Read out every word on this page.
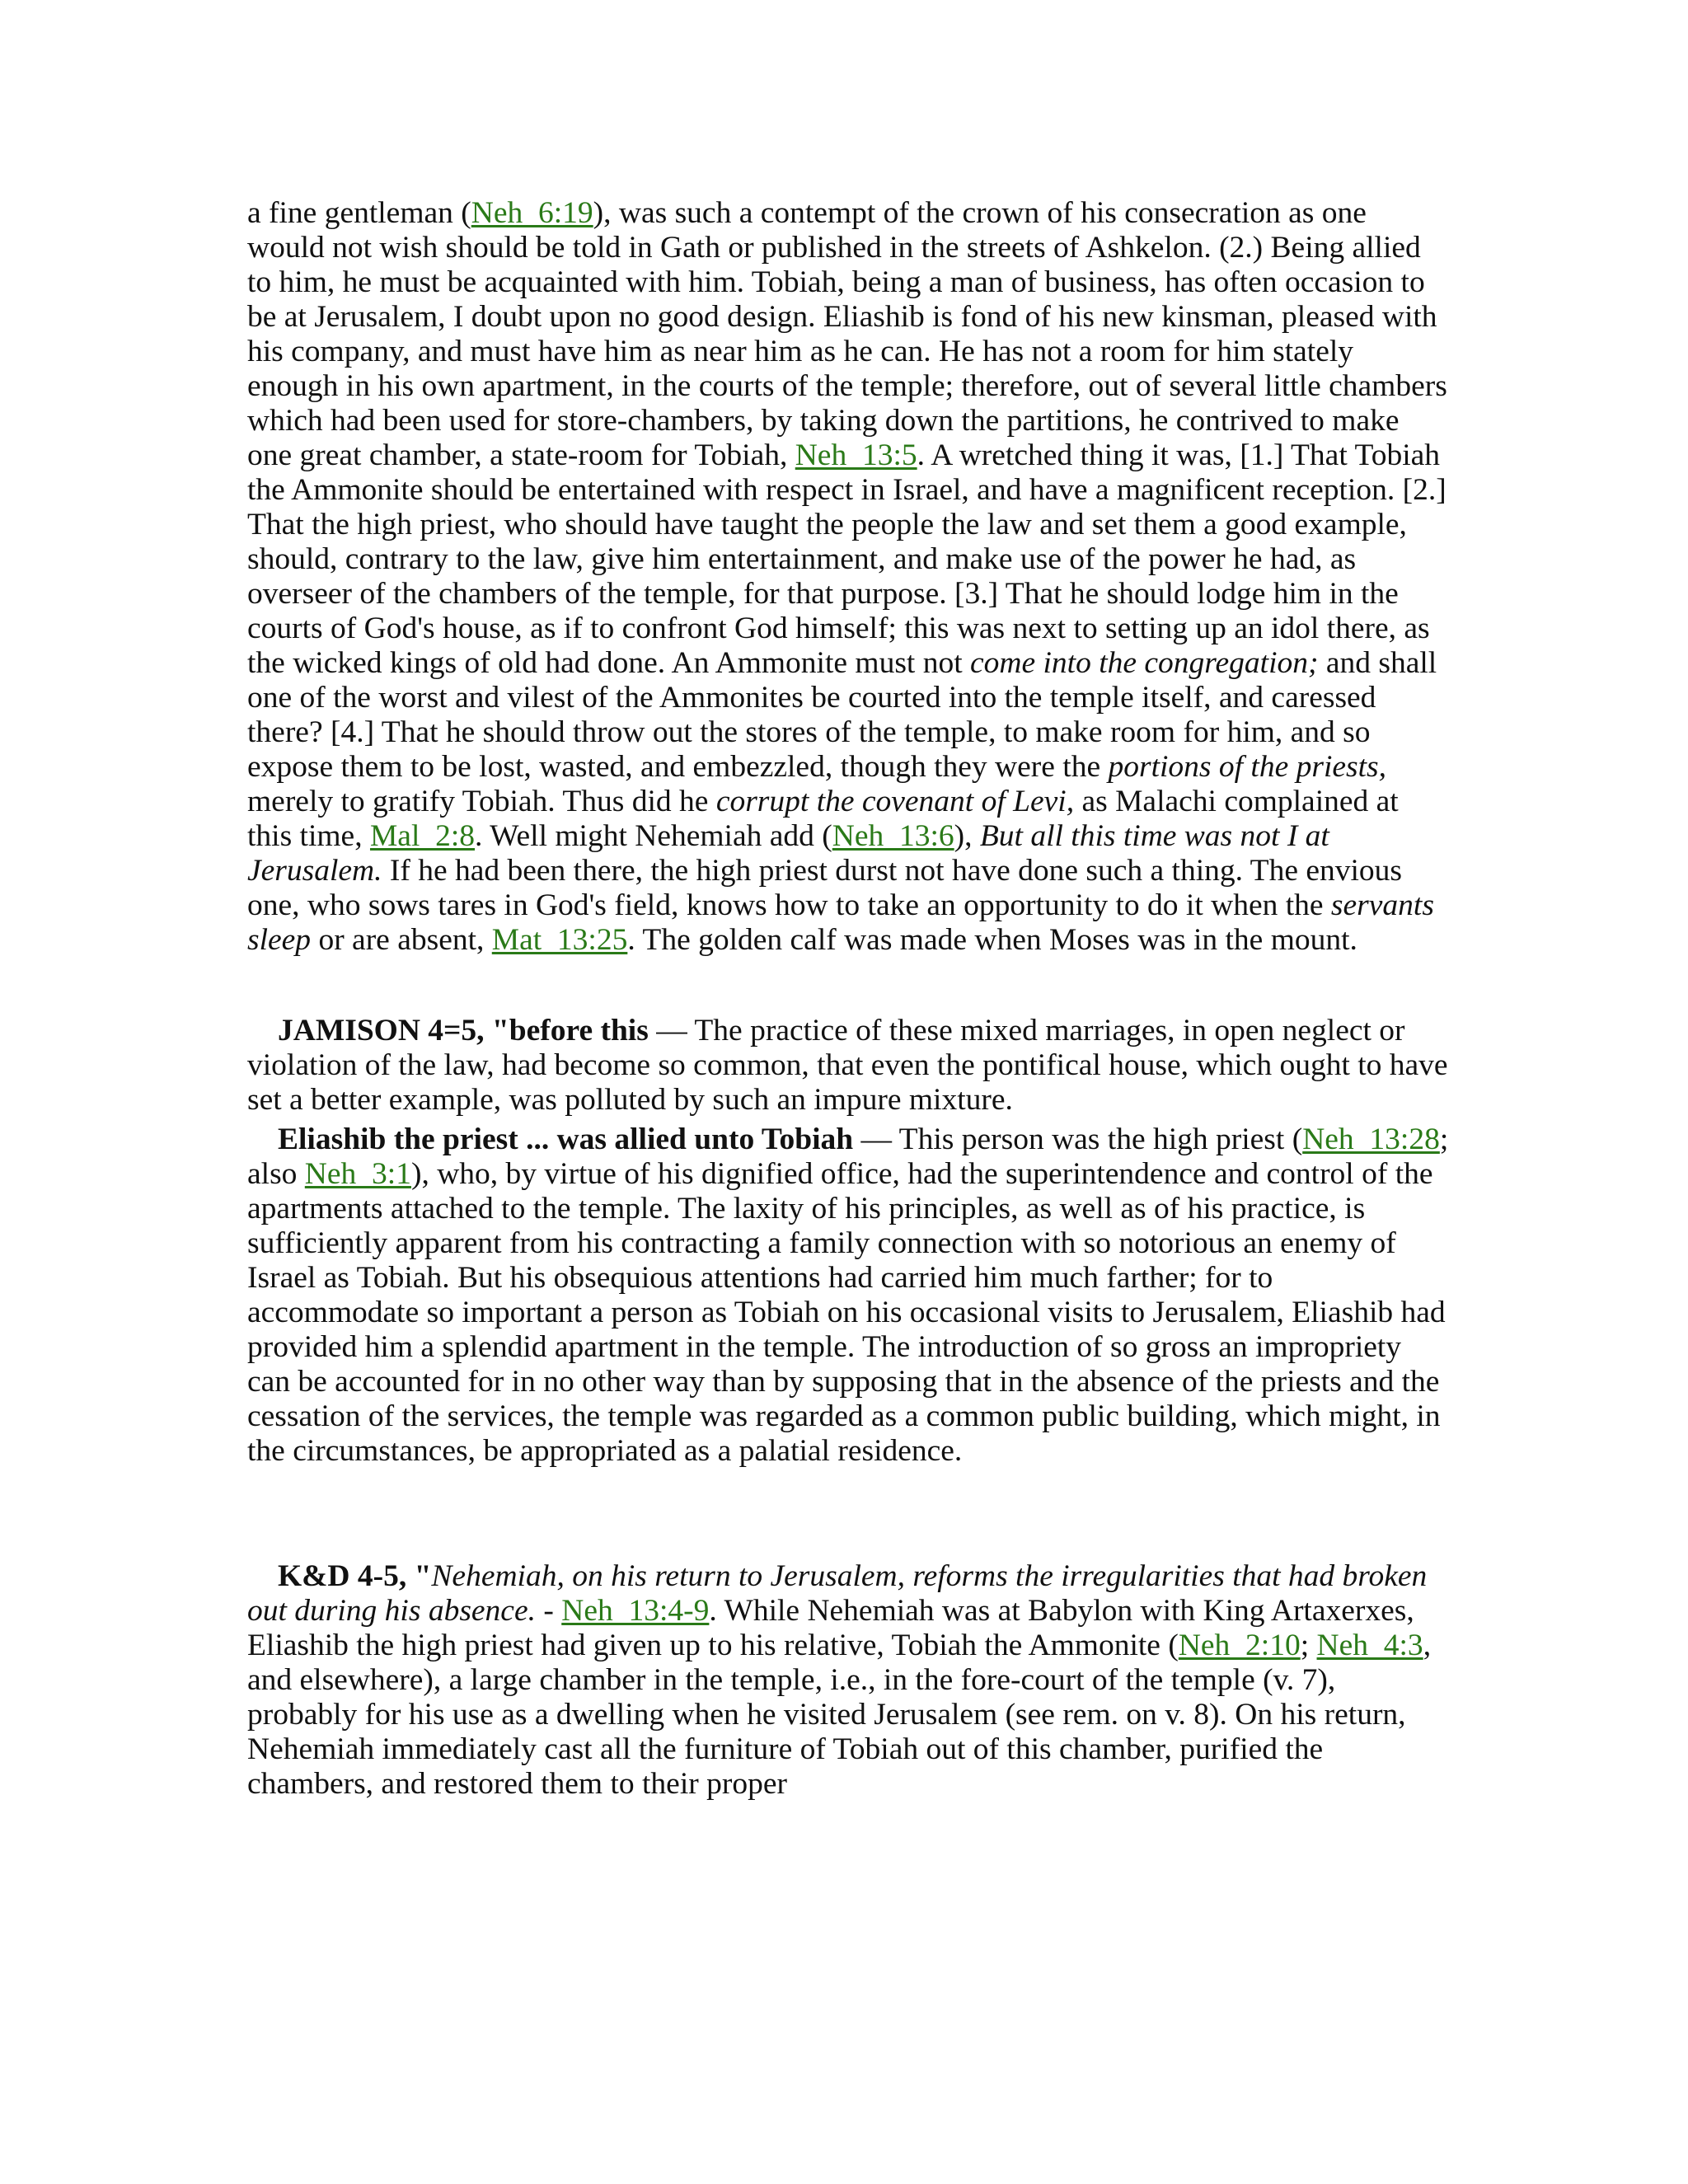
a fine gentleman (Neh_6:19), was such a contempt of the crown of his consecration as one would not wish should be told in Gath or published in the streets of Ashkelon. (2.) Being allied to him, he must be acquainted with him. Tobiah, being a man of business, has often occasion to be at Jerusalem, I doubt upon no good design. Eliashib is fond of his new kinsman, pleased with his company, and must have him as near him as he can. He has not a room for him stately enough in his own apartment, in the courts of the temple; therefore, out of several little chambers which had been used for store-chambers, by taking down the partitions, he contrived to make one great chamber, a state-room for Tobiah, Neh_13:5. A wretched thing it was, [1.] That Tobiah the Ammonite should be entertained with respect in Israel, and have a magnificent reception. [2.] That the high priest, who should have taught the people the law and set them a good example, should, contrary to the law, give him entertainment, and make use of the power he had, as overseer of the chambers of the temple, for that purpose. [3.] That he should lodge him in the courts of God's house, as if to confront God himself; this was next to setting up an idol there, as the wicked kings of old had done. An Ammonite must not come into the congregation; and shall one of the worst and vilest of the Ammonites be courted into the temple itself, and caressed there? [4.] That he should throw out the stores of the temple, to make room for him, and so expose them to be lost, wasted, and embezzled, though they were the portions of the priests, merely to gratify Tobiah. Thus did he corrupt the covenant of Levi, as Malachi complained at this time, Mal_2:8. Well might Nehemiah add (Neh_13:6), But all this time was not I at Jerusalem. If he had been there, the high priest durst not have done such a thing. The envious one, who sows tares in God's field, knows how to take an opportunity to do it when the servants sleep or are absent, Mat_13:25. The golden calf was made when Moses was in the mount.

JAMISON 4=5, "before this — The practice of these mixed marriages, in open neglect or violation of the law, had become so common, that even the pontifical house, which ought to have set a better example, was polluted by such an impure mixture.

Eliashib the priest ... was allied unto Tobiah — This person was the high priest (Neh_13:28; also Neh_3:1), who, by virtue of his dignified office, had the superintendence and control of the apartments attached to the temple. The laxity of his principles, as well as of his practice, is sufficiently apparent from his contracting a family connection with so notorious an enemy of Israel as Tobiah. But his obsequious attentions had carried him much farther; for to accommodate so important a person as Tobiah on his occasional visits to Jerusalem, Eliashib had provided him a splendid apartment in the temple. The introduction of so gross an impropriety can be accounted for in no other way than by supposing that in the absence of the priests and the cessation of the services, the temple was regarded as a common public building, which might, in the circumstances, be appropriated as a palatial residence.

K&D 4-5, "Nehemiah, on his return to Jerusalem, reforms the irregularities that had broken out during his absence. - Neh_13:4-9. While Nehemiah was at Babylon with King Artaxerxes, Eliashib the high priest had given up to his relative, Tobiah the Ammonite (Neh_2:10; Neh_4:3, and elsewhere), a large chamber in the temple, i.e., in the fore-court of the temple (v. 7), probably for his use as a dwelling when he visited Jerusalem (see rem. on v. 8). On his return, Nehemiah immediately cast all the furniture of Tobiah out of this chamber, purified the chambers, and restored them to their proper
